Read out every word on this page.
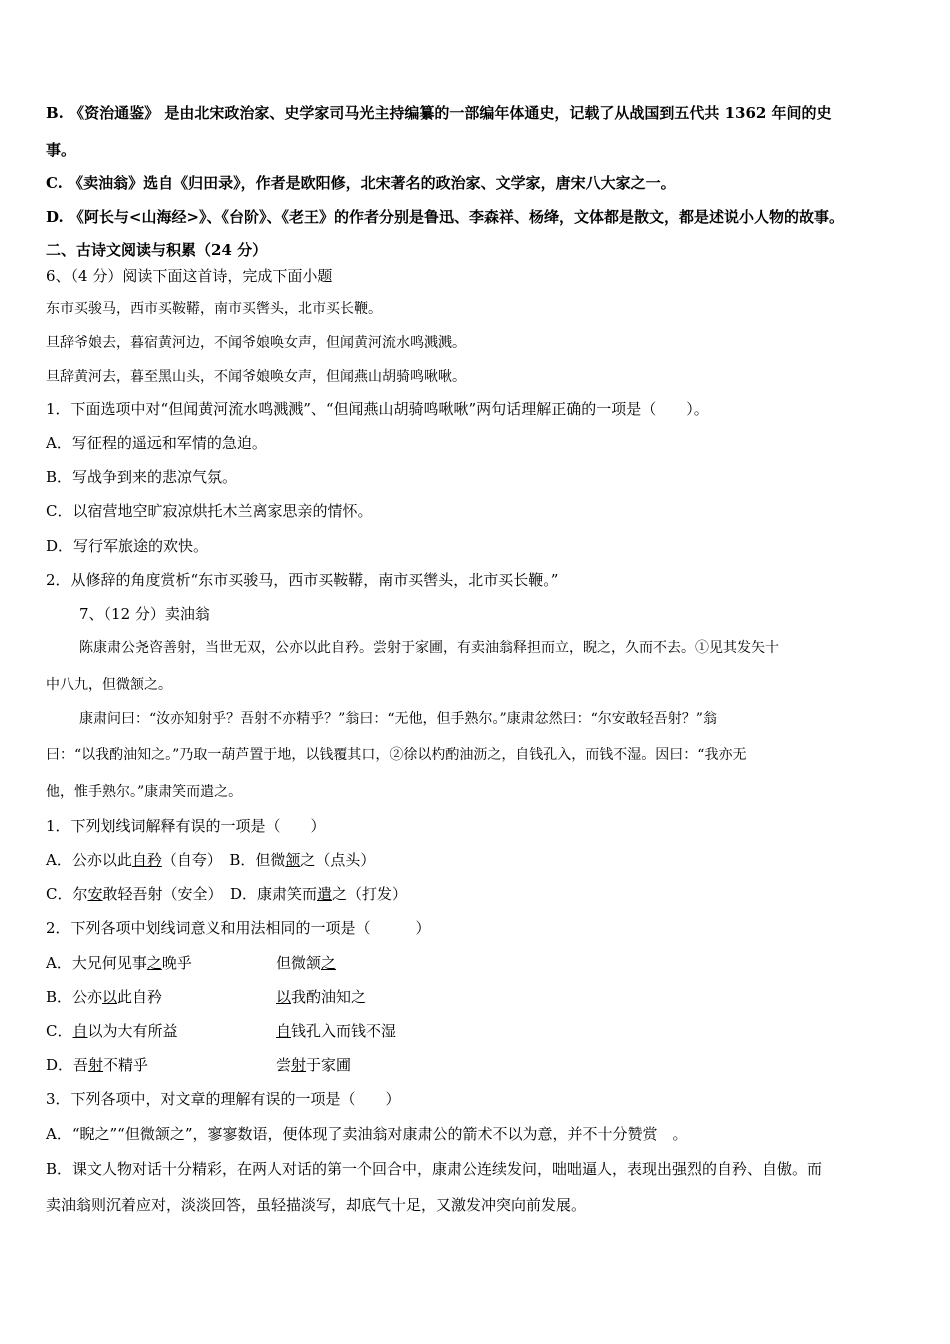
B. 《资治通鉴》 是由北宋政治家、史学家司马光主持编纂的一部编年体通史，记载了从战国到五代共 1362 年间的史
事。
C. 《卖油翁》选自《归田录》，作者是欧阳修，北宋著名的政治家、文学家，唐宋八大家之一。
D. 《阿长与<山海经>》、《台阶》、《老王》的作者分别是鲁迅、李森祥、杨绛，文体都是散文，都是述说小人物的故事。
二、古诗文阅读与积累（24 分）
6、（4 分）阅读下面这首诗，完成下面小题
东市买骏马，西市买鞍鞯，南市买辔头，北市买长鞭。
旦辞爷娘去，暮宿黄河边，不闻爷娘唤女声，但闻黄河流水鸣溅溅。
旦辞黄河去，暮至黑山头，不闻爷娘唤女声，但闻燕山胡骑鸣啾啾。
1．下面选项中对“但闻黄河流水鸣溅溅”、“但闻燕山胡骑鸣啾啾”两句话理解正确的一项是（　　）。
A．写征程的遥远和军情的急迫。
B．写战争到来的悲凉气氛。
C．以宿营地空旷寂凉烘托木兰离家思亲的情怀。
D．写行军旅途的欢快。
2．从修辞的角度赏析“东市买骏马，西市买鞍鞯，南市买辔头，北市买长鞭。”
7、（12 分）卖油翁
陈康肃公尧咨善射，当世无双，公亦以此自矜。尝射于家圃，有卖油翁释担而立，睨之，久而不去。①见其发矢十
中八九，但微颔之。
康肃问曰：“汝亦知射乎？吾射不亦精乎？”翁曰：“无他，但手熟尔。”康肃忿然曰：“尔安敢轻吾射？”翁
曰：“以我酌油知之。”乃取一葫芦置于地，以钱覆其口，②徐以杓酌油沥之，自钱孔入，而钱不湿。因曰：“我亦无
他，惟手熟尔。”康肃笑而遣之。
1．下列划线词解释有误的一项是（　　）
A．公亦以此自矜（自夸）　B．但微颔之（点头）
C．尔安敢轻吾射（安全）　D．康肃笑而遣之（打发）
2．下列各项中划线词意义和用法相同的一项是（　　　）
A．大兄何见事之晚乎	但微颔之
B．公亦以此自矜	以我酌油知之
C．自以为大有所益	自钱孔入而钱不湿
D．吾射不精乎	尝射于家圃
3．下列各项中，对文章的理解有误的一项是（　　）
A．“睨之”“但微颔之”，寥寥数语，便体现了卖油翁对康肃公的箭术不以为意，并不十分赞赏　。
B．课文人物对话十分精彩，在两人对话的第一个回合中，康肃公连续发问，咄咄逼人，表现出强烈的自矜、自傲。而
卖油翁则沉着应对，淡淡回答，虽轻描淡写，却底气十足，又激发冲突向前发展。
